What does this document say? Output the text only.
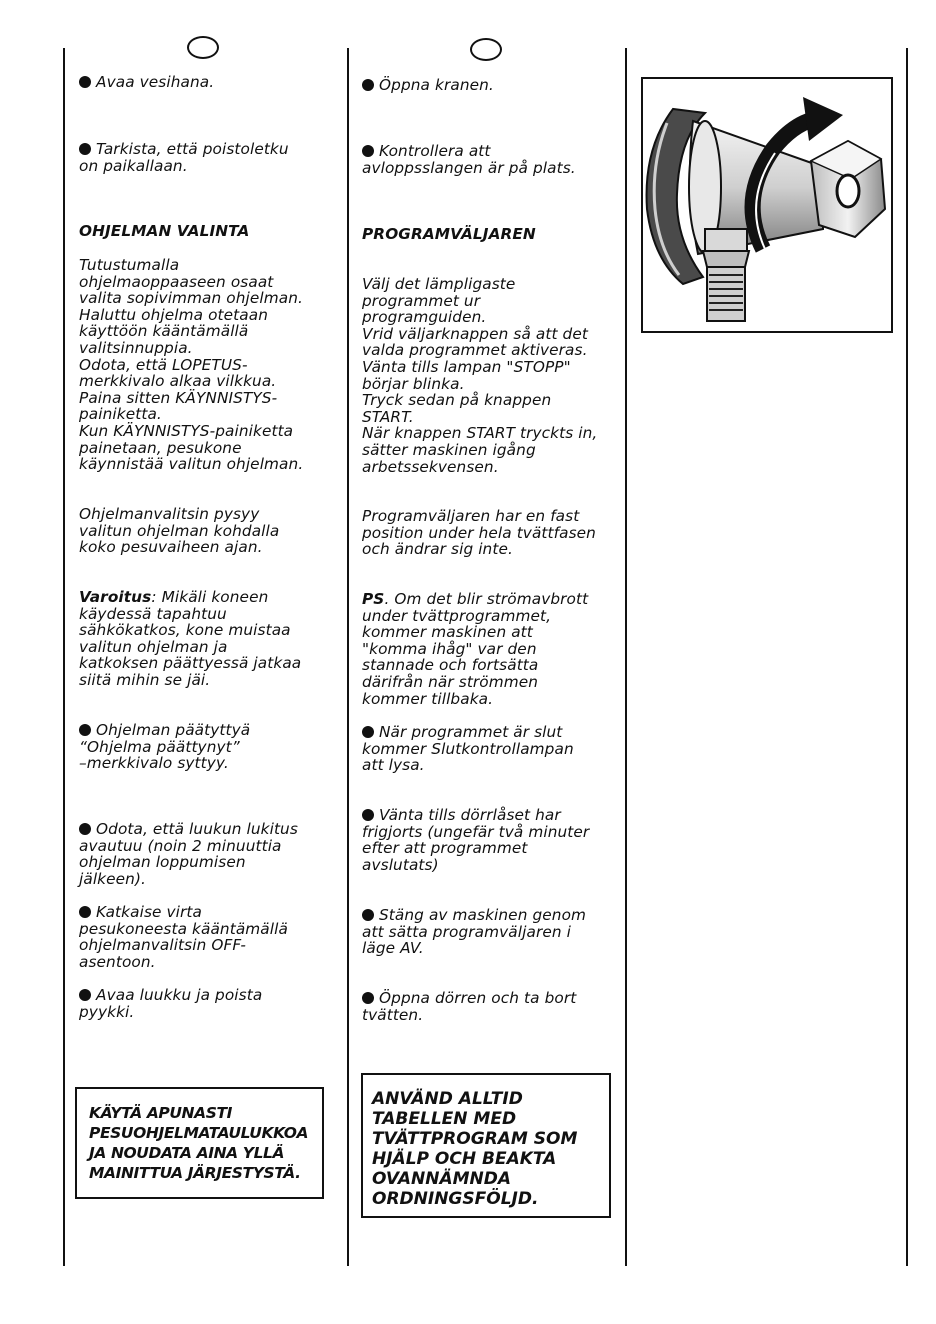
Avaa vesihana.
Tarkista, että poistoletku
on paikallaan.
OHJELMAN VALINTA
Tutustumalla
ohjelmaoppaaseen osaat
valita sopivimman ohjelman.
Haluttu ohjelma otetaan
käyttöön kääntämällä
valitsinnuppia.
Odota, että LOPETUS-
merkkivalo alkaa vilkkua.
Paina sitten KÄYNNISTYS-
painiketta.
Kun KÄYNNISTYS-painiketta
painetaan, pesukone
käynnistää valitun ohjelman.
Ohjelmanvalitsin pysyy
valitun ohjelman kohdalla
koko pesuvaiheen ajan.
Varoitus: Mikäli koneen
käydessä tapahtuu
sähkökatkos, kone muistaa
valitun ohjelman ja
katkoksen päättyessä jatkaa
siitä mihin se jäi.
Ohjelman päätyttyä
“Ohjelma päättynyt”
–merkkivalo syttyy.
Odota, että luukun lukitus
avautuu (noin 2 minuuttia
ohjelman loppumisen
jälkeen).
Katkaise virta
pesukoneesta kääntämällä
ohjelmanvalitsin OFF-
asentoon.
Avaa luukku ja poista
pyykki.
KÄYTÄ APUNASTI
PESUOHJELMATAULUKKOA
JA NOUDATA AINA YLLÄ
MAINITTUA JÄRJESTYSTÄ.
Öppna kranen.
Kontrollera att
avloppsslangen är på plats.
PROGRAMVÄLJAREN
Välj det lämpligaste
programmet ur
programguiden.
Vrid väljarknappen så att det
valda programmet aktiveras.
Vänta tills lampan "STOPP"
börjar blinka.
Tryck sedan på knappen
START.
När knappen START tryckts in,
sätter maskinen igång
arbetssekvensen.
Programväljaren har en fast
position under hela tvättfasen
och ändrar sig inte.
PS. Om det blir strömavbrott
under tvättprogrammet,
kommer maskinen att
"komma ihåg" var den
stannade och fortsätta
därifrån när strömmen
kommer tillbaka.
När programmet är slut
kommer Slutkontrollampan
att lysa.
Vänta tills dörrlåset har
frigjorts (ungefär två minuter
efter att programmet
avslutats)
Stäng av maskinen genom
att sätta programväljaren i
läge AV.
Öppna dörren och ta bort
tvätten.
ANVÄND ALLTID
TABELLEN MED
TVÄTTPROGRAM SOM
HJÄLP OCH BEAKTA
OVANNÄMNDA
ORDNINGSFÖLJD.
